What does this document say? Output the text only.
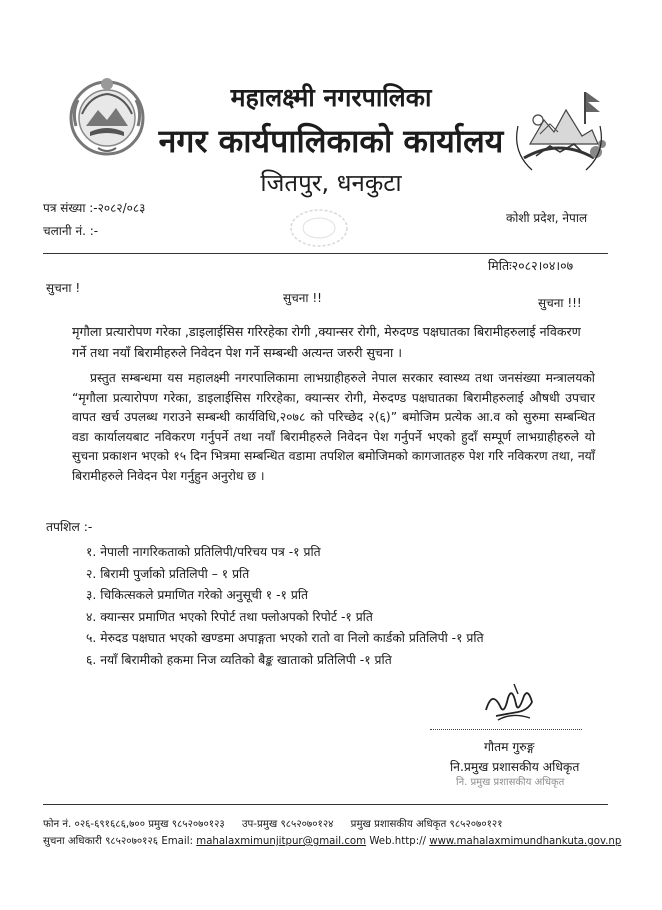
महालक्ष्मी नगरपालिका
नगर कार्यपालिकाको कार्यालय
जितपुर, धनकुटा
पत्र संख्या :-२०८२/०८३
चलानी नं. :-
कोशी प्रदेश, नेपाल
मितिः२०८२।०४।०७
सुचना !
सुचना !!	सुचना !!!
मृगौला प्रत्यारोपण गरेका ,डाइलाईसिस गरिरहेका रोगी ,क्यान्सर रोगी, मेरुदण्ड पक्षघातका बिरामीहरुलाई नविकरण गर्ने तथा नयाँ बिरामीहरुले निवेदन पेश गर्ने सम्बन्धी अत्यन्त जरुरी सुचना ।
प्रस्तुत सम्बन्धमा यस महालक्ष्मी नगरपालिकामा लाभग्राहीहरुले नेपाल सरकार स्वास्थ्य तथा जनसंख्या मन्त्रालयको “मृगौला प्रत्यारोपण गरेका, डाइलाईसिस गरिरहेका, क्यान्सर रोगी, मेरुदण्ड पक्षघातका बिरामीहरुलाई औषधी उपचार वापत खर्च उपलब्ध गराउने सम्बन्धी कार्यविधि,२०७८ को परिच्छेद २(६)” बमोजिम प्रत्येक आ.व को सुरुमा सम्बन्धित वडा कार्यालयबाट नविकरण गर्नुपर्ने तथा नयाँ बिरामीहरुले निवेदन पेश गर्नुपर्ने भएको हुदाँ सम्पूर्ण लाभग्राहीहरुले यो सुचना प्रकाशन भएको १५ दिन भित्रमा सम्बन्धित वडामा तपशिल बमोजिमको कागजातहरु पेश गरि नविकरण तथा, नयाँ बिरामीहरुले निवेदन पेश गर्नुहुन अनुरोध छ ।
तपशिल :-
१. नेपाली नागरिकताको प्रतिलिपी/परिचय पत्र -१ प्रति
२. बिरामी पुर्जाको प्रतिलिपी – १ प्रति
३. चिकित्सकले प्रमाणित गरेको अनुसूची १ -१ प्रति
४. क्यान्सर प्रमाणित भएको रिपोर्ट तथा फ्लोअपको रिपोर्ट -१ प्रति
५. मेरुदड पक्षघात भएको खण्डमा अपाङ्गता भएको रातो वा निलो कार्डको प्रतिलिपी -१ प्रति
६. नयाँ बिरामीको हकमा निज व्यतिको बैङ्क खाताको प्रतिलिपी -१ प्रति
गौतम गुरुङ्ग
नि.प्रमुख प्रशासकीय अधिकृत
नि. प्रमुख प्रशासकीय अधिकृत
फोन नं. ०२६-६९१६८६,७०० प्रमुख ९८५२०७०१२३ उप-प्रमुख ९८५२०७०१२४ प्रमुख प्रशासकीय अधिकृत ९८५२०७०१२१
सुचना अधिकारी ९८५२०७०१२६ Email: mahalaxmimunjitpur@gmail.com Web.http:// www.mahalaxmimundhankuta.gov.np
